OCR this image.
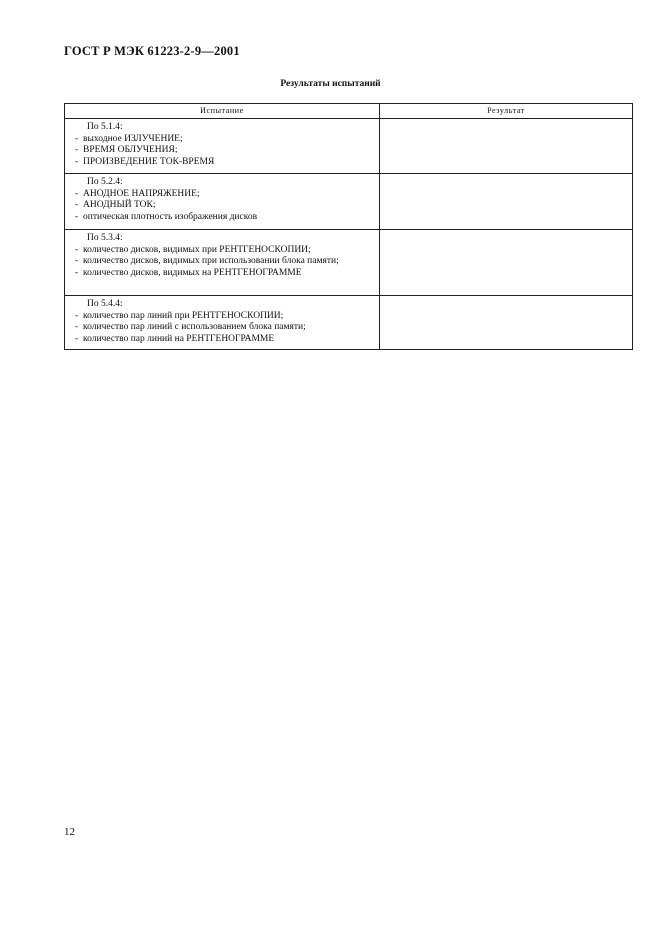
ГОСТ Р МЭК 61223-2-9—2001
Результаты испытаний
Испытание	Результат

По 5.1.4:
- выходное ИЗЛУЧЕНИЕ;
- ВРЕМЯ ОБЛУЧЕНИЯ;
- ПРОИЗВЕДЕНИЕ ТОК-ВРЕМЯ

По 5.2.4:
- АНОДНОЕ НАПРЯЖЕНИЕ;
- АНОДНЫЙ ТОК;
- оптическая плотность изображения дисков

По 5.3.4:
- количество дисков, видимых при РЕНТГЕНОСКОПИИ;
- количество дисков, видимых при использовании блока памяти;
- количество дисков, видимых на РЕНТГЕНОГРАММЕ

По 5.4.4:
- количество пар линий при РЕНТГЕНОСКОПИИ;
- количество пар линий с использованием блока памяти;
- количество пар линий на РЕНТГЕНОГРАММЕ

12
